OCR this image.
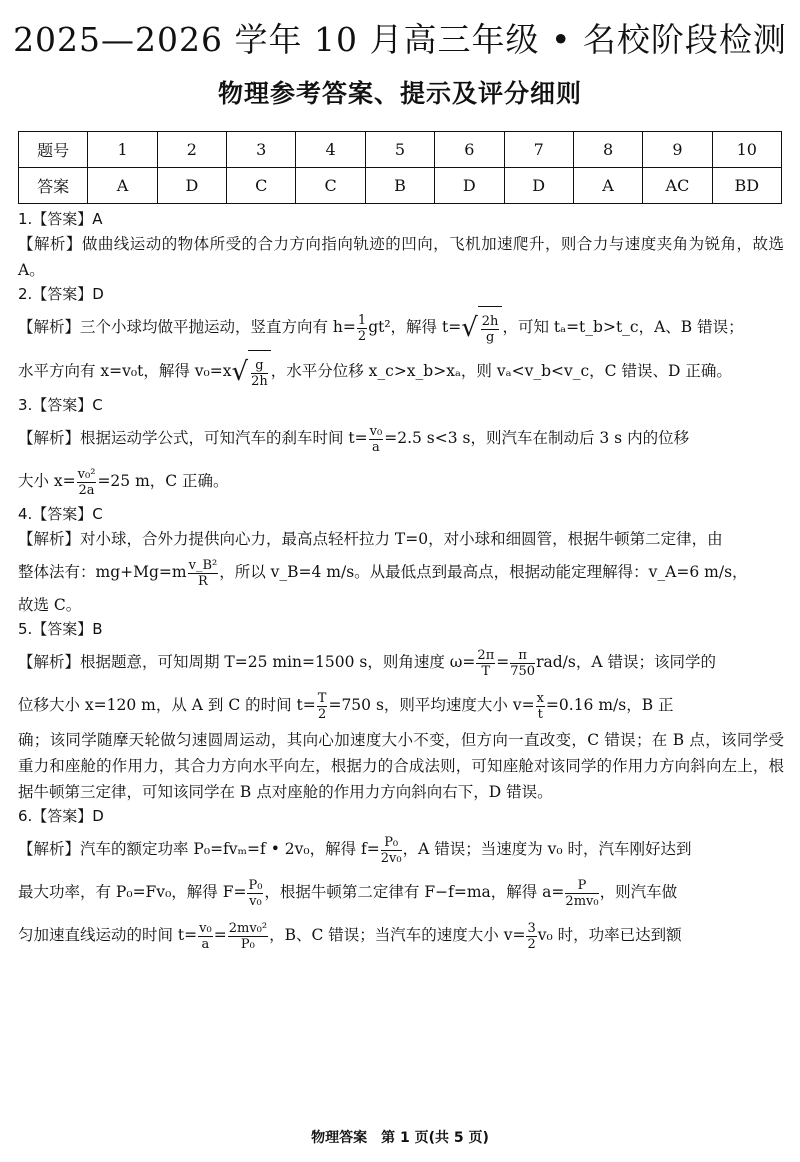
2025—2026 学年 10 月高三年级 • 名校阶段检测
物理参考答案、提示及评分细则
题号	1	2	3	4	5	6	7	8	9	10
答案	A	D	C	C	B	D	D	A	AC	BD
1.【答案】A
【解析】做曲线运动的物体所受的合力方向指向轨迹的凹向，飞机加速爬升，则合力与速度夹角为锐角，故选 A。
2.【答案】D
【解析】三个小球均做平抛运动，竖直方向有 $h= \frac{1}{2} gt^2$，解得 $t=√ \frac{2h}{g}$ ，可知 tₐ=t_b>t_c，A、B 错误；
水平方向有 x=v₀t，解得 $v_0=x√ \frac{g}{2h}$ ，水平分位移 x_c>x_b>xₐ，则 vₐ<v_b<v_c，C 错误、D 正确。
3.【答案】C
【解析】根据运动学公式，可知汽车的刹车时间 $t= \frac{\text{v₀}}{a} =2.5$ s<3 s，则汽车在制动后 3 s 内的位移
大小 $x= \frac{\text{v₀²}}{2a} =25$ m，C 正确。
4.【答案】C
【解析】对小球，合外力提供向心力，最高点轻杆拉力 T=0，对小球和细圆管，根据牛顿第二定律，由
整体法有：$mg+Mg=m \frac{\text{v\_B²}}{R}$ ，所以 v_B=4 m/s。从最低点到最高点，根据动能定理解得：v_A=6 m/s，
故选 C。
5.【答案】B
【解析】根据题意，可知周期 T=25 min=1500 s，则角速度 $\omega= \frac{2\pi}{T} = \frac{\pi}{750} rad/s$，A 错误；该同学的
位移大小 x=120 m，从 A 到 C 的时间 $t= \frac{T}{2} =750$ s，则平均速度大小 $v= \frac{x}{t} =0.16$ m/s，B 正
确；该同学随摩天轮做匀速圆周运动，其向心加速度大小不变，但方向一直改变，C 错误；在 B 点，该同学受重力和座舱的作用力，其合力方向水平向左，根据力的合成法则，可知座舱对该同学的作用力方向斜向左上，根据牛顿第三定律，可知该同学在 B 点对座舱的作用力方向斜向右下，D 错误。
6.【答案】D
【解析】汽车的额定功率 P₀=fvₘ=f • 2v₀，解得 $f= \frac{\text{P₀}}{\text{2v₀}}$ ，A 错误；当速度为 v₀ 时，汽车刚好达到
最大功率，有 P₀=Fv₀，解得 $F= \frac{\text{P₀}}{\text{v₀}}$ ，根据牛顿第二定律有 F−f=ma，解得 $a= \frac{P}{\text{2mv₀}}$ ，则汽车做
匀加速直线运动的时间 $t= \frac{\text{v₀}}{a} = \frac{\text{2mv₀²}}{\text{P₀}}$ ，B、C 错误；当汽车的速度大小 $v= \frac{3}{2} v_0$ 时，功率已达到额
物理答案　第 1 页(共 5 页)
